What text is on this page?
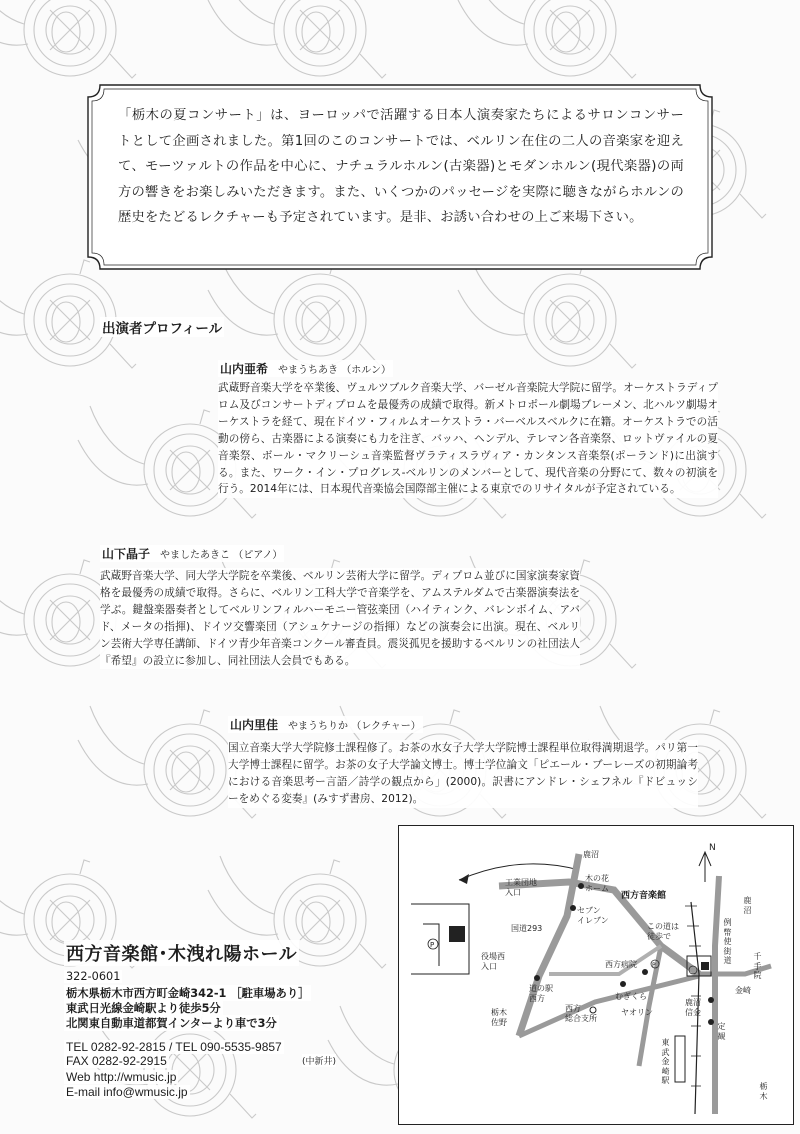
「栃木の夏コンサート」は、ヨーロッパで活躍する日本人演奏家たちによるサロンコンサートとして企画されました。第1回のこのコンサートでは、ベルリン在住の二人の音楽家を迎えて、モーツァルトの作品を中心に、ナチュラルホルン(古楽器)とモダンホルン(現代楽器)の両方の響きをお楽しみいただきます。また、いくつかのパッセージを実際に聴きながらホルンの歴史をたどるレクチャーも予定されています。是非、お誘い合わせの上ご来場下さい。
出演者プロフィール
山内亜希 やまうちあき （ホルン）
武蔵野音楽大学を卒業後、ヴュルツブルク音楽大学、バーゼル音楽院大学院に留学。オーケストラディプロム及びコンサートディプロムを最優秀の成績で取得。新メトロポール劇場ブレーメン、北ハルツ劇場オーケストラを経て、現在ドイツ・フィルムオーケストラ・バーベルスベルクに在籍。オーケストラでの活動の傍ら、古楽器による演奏にも力を注ぎ、バッハ、ヘンデル、テレマン各音楽祭、ロットヴァイルの夏音楽祭、ボール・マクリーシュ音楽監督ヴラティスラヴィア・カンタンス音楽祭(ポーランド)に出演する。また、ワーク・イン・プログレス-ベルリンのメンバーとして、現代音楽の分野にて、数々の初演を行う。2014年には、日本現代音楽協会国際部主催による東京でのリサイタルが予定されている。
山下晶子 やましたあきこ （ピアノ）
武蔵野音楽大学、同大学大学院を卒業後、ベルリン芸術大学に留学。ディプロム並びに国家演奏家資格を最優秀の成績で取得。さらに、ベルリン工科大学で音楽学を、アムステルダムで古楽器演奏法を学ぶ。鍵盤楽器奏者としてベルリンフィルハーモニー管弦楽団（ハイティンク、バレンボイム、アバド、メータの指揮)、ドイツ交響楽団（アシュケナージの指揮）などの演奏会に出演。現在、ベルリン芸術大学専任講師、ドイツ青少年音楽コンクール審査員。震災孤児を援助するベルリンの社団法人『希望』の設立に参加し、同社団法人会員でもある。
山内里佳 やまうちりか （レクチャー）
国立音楽大学大学院修士課程修了。お茶の水女子大学大学院博士課程単位取得満期退学。パリ第一大学博士課程に留学。お茶の女子大学論文博士。博士学位論文「ピエール・ブーレーズの初期論考における音楽思考ー言語／詩学の観点から」(2000)。訳書にアンドレ・シェフネル『ドビュッシーをめぐる変奏』(みすず書房、2012)。
西方音楽館･木洩れ陽ホール
322-0601
栃木県栃木市西方町金崎342-1 ［駐車場あり］
東武日光線金崎駅より徒歩5分
北関東自動車道都賀インターより車で3分
TEL 0282-92-2815 / TEL 090-5535-9857
(中新井)
FAX 0282-92-2915
Web http://wmusic.jp
E-mail info@wmusic.jp
P
P
N
鹿沼
工業団地
入口
木の花
ホーム
セブン
イレブン
国道293
役場西
入口
道の駅
西方
栃木
佐野
西方病院
むぎくら
ヤオリン
西方
総合支所
西方音楽館
この道は
徒歩で
例幣使街道
鹿沼
千手院
金崎
鹿沼
信金
定観
東武金崎駅
栃木
